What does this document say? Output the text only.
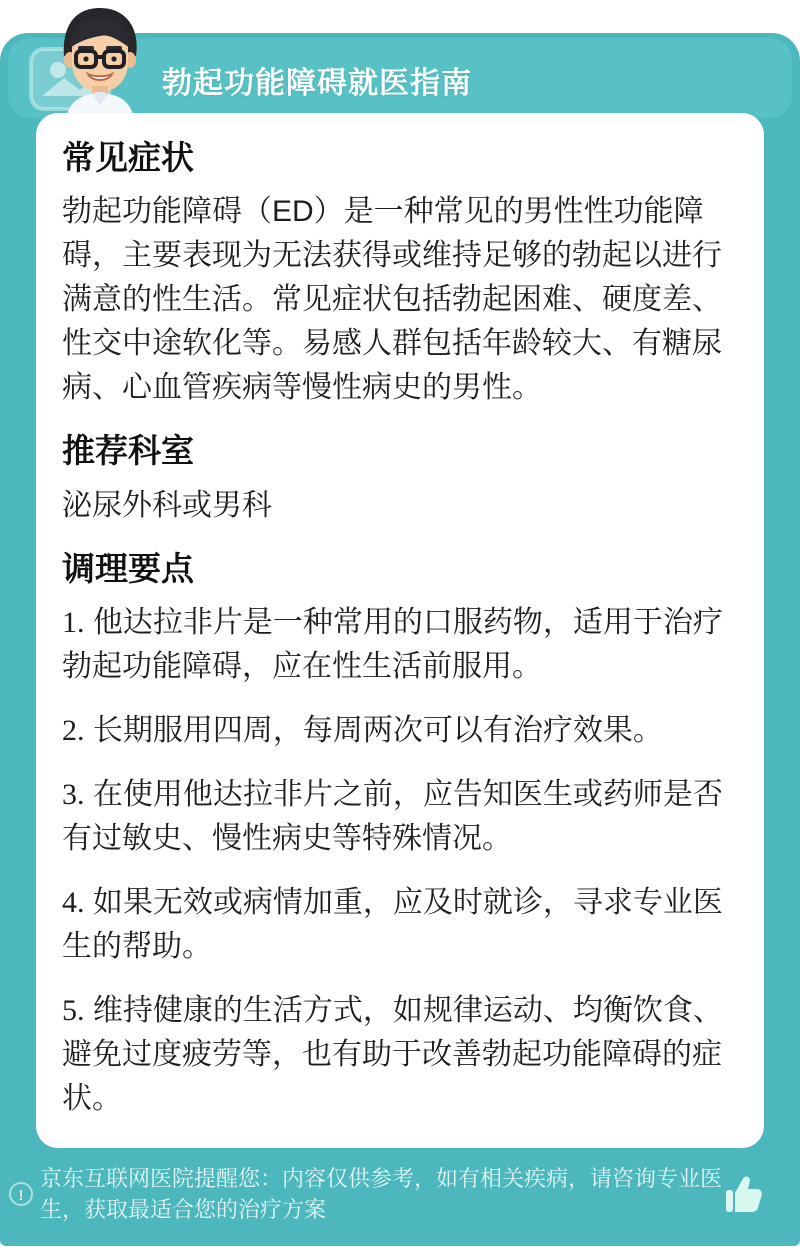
勃起功能障碍就医指南
常见症状

勃起功能障碍（ED）是一种常见的男性性功能障碍，主要表现为无法获得或维持足够的勃起以进行满意的性生活。常见症状包括勃起困难、硬度差、性交中途软化等。易感人群包括年龄较大、有糖尿病、心血管疾病等慢性病史的男性。

推荐科室

泌尿外科或男科

调理要点

1. 他达拉非片是一种常用的口服药物，适用于治疗勃起功能障碍，应在性生活前服用。

2. 长期服用四周，每周两次可以有治疗效果。

3. 在使用他达拉非片之前，应告知医生或药师是否有过敏史、慢性病史等特殊情况。

4. 如果无效或病情加重，应及时就诊，寻求专业医生的帮助。

5. 维持健康的生活方式，如规律运动、均衡饮食、避免过度疲劳等，也有助于改善勃起功能障碍的症状。

!
京东互联网医院提醒您：内容仅供参考，如有相关疾病，请咨询专业医生，获取最适合您的治疗方案
